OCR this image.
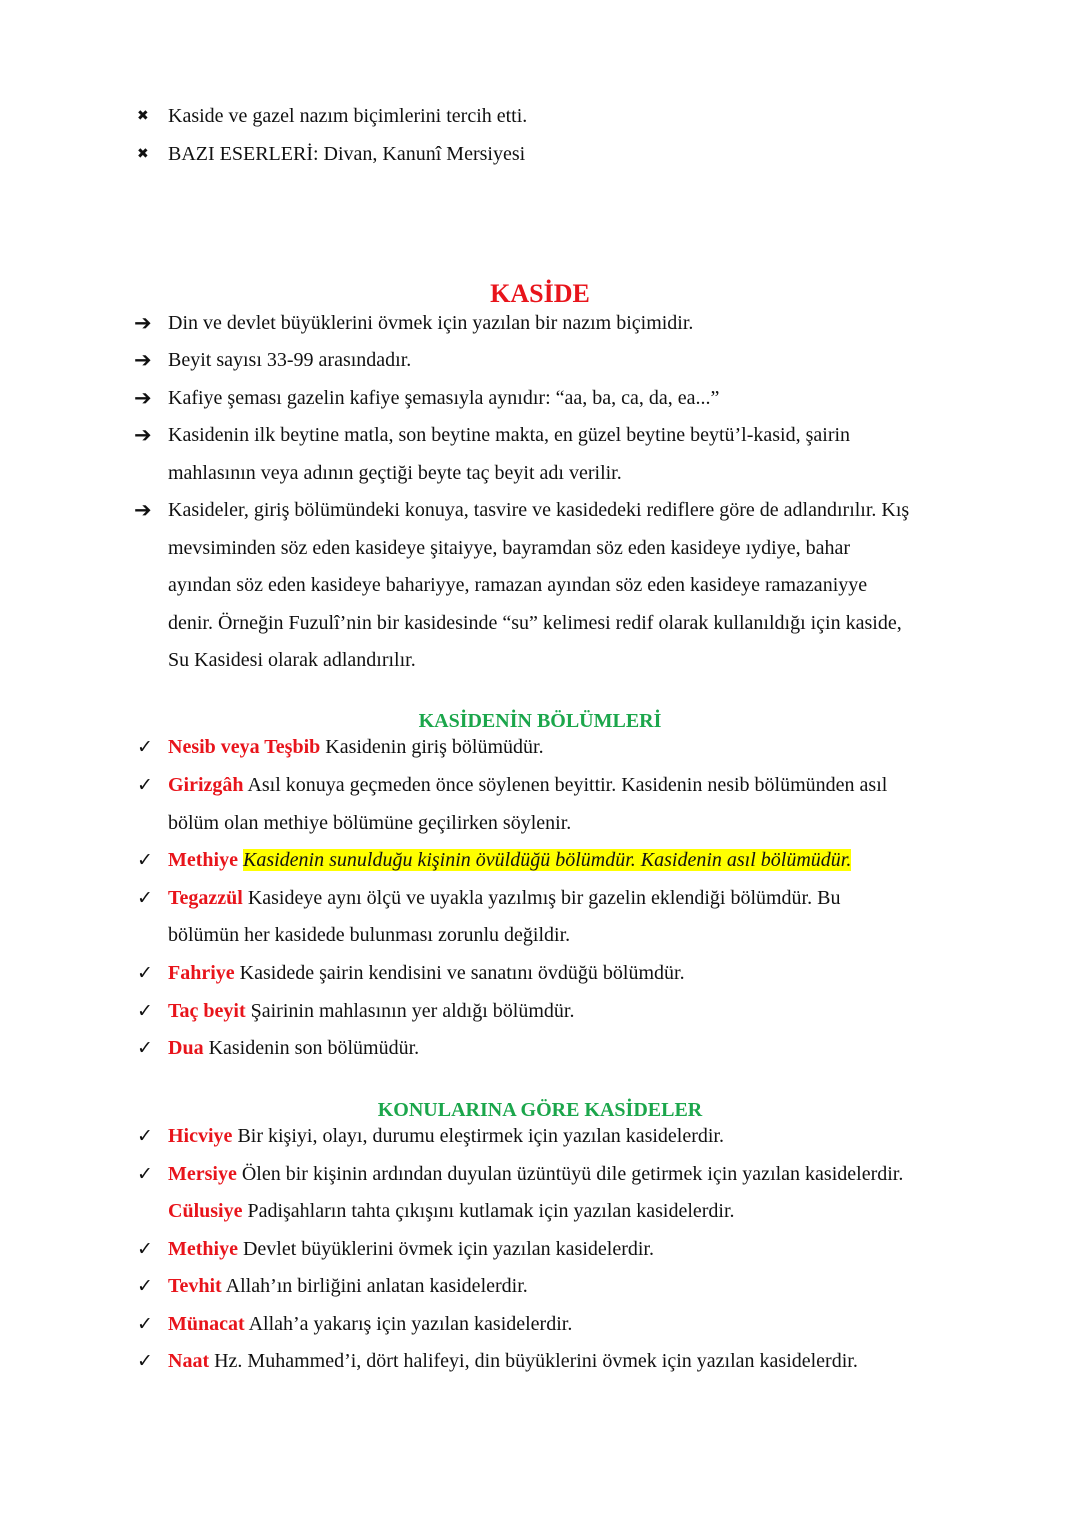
✖ Kaside ve gazel nazım biçimlerini tercih etti.
✖ BAZI ESERLERİ: Divan, Kanunî Mersiyesi
KASİDE
➔ Din ve devlet büyüklerini övmek için yazılan bir nazım biçimidir.
➔ Beyit sayısı 33-99 arasındadır.
➔ Kafiye şeması gazelin kafiye şemasıyla aynıdır: “aa, ba, ca, da, ea...”
➔ Kasidenin ilk beytine matla, son beytine makta, en güzel beytine beytü’l-kasid, şairin
mahlasının veya adının geçtiği beyte taç beyit adı verilir.
➔ Kasideler, giriş bölümündeki konuya, tasvire ve kasidedeki rediflere göre de adlandırılır. Kış
mevsiminden söz eden kasideye şitaiyye, bayramdan söz eden kasideye ıydiye, bahar
ayından söz eden kasideye bahariyye, ramazan ayından söz eden kasideye ramazaniyye
denir. Örneğin Fuzulî’nin bir kasidesinde “su” kelimesi redif olarak kullanıldığı için kaside,
Su Kasidesi olarak adlandırılır.
KASİDENİN BÖLÜMLERİ
✓ Nesib veya Teşbib Kasidenin giriş bölümüdür.
✓ Girizgâh Asıl konuya geçmeden önce söylenen beyittir. Kasidenin nesib bölümünden asıl
bölüm olan methiye bölümüne geçilirken söylenir.
✓ Methiye Kasidenin sunulduğu kişinin övüldüğü bölümdür. Kasidenin asıl bölümüdür.
✓ Tegazzül Kasideye aynı ölçü ve uyakla yazılmış bir gazelin eklendiği bölümdür. Bu
bölümün her kasidede bulunması zorunlu değildir.
✓ Fahriye Kasidede şairin kendisini ve sanatını övdüğü bölümdür.
✓ Taç beyit Şairinin mahlasının yer aldığı bölümdür.
✓ Dua Kasidenin son bölümüdür.
KONULARINA GÖRE KASİDELER
✓ Hicviye Bir kişiyi, olayı, durumu eleştirmek için yazılan kasidelerdir.
✓ Mersiye Ölen bir kişinin ardından duyulan üzüntüyü dile getirmek için yazılan kasidelerdir.
Cülusiye Padişahların tahta çıkışını kutlamak için yazılan kasidelerdir.
✓ Methiye Devlet büyüklerini övmek için yazılan kasidelerdir.
✓ Tevhit Allah’ın birliğini anlatan kasidelerdir.
✓ Münacat Allah’a yakarış için yazılan kasidelerdir.
✓ Naat Hz. Muhammed’i, dört halifeyi, din büyüklerini övmek için yazılan kasidelerdir.
